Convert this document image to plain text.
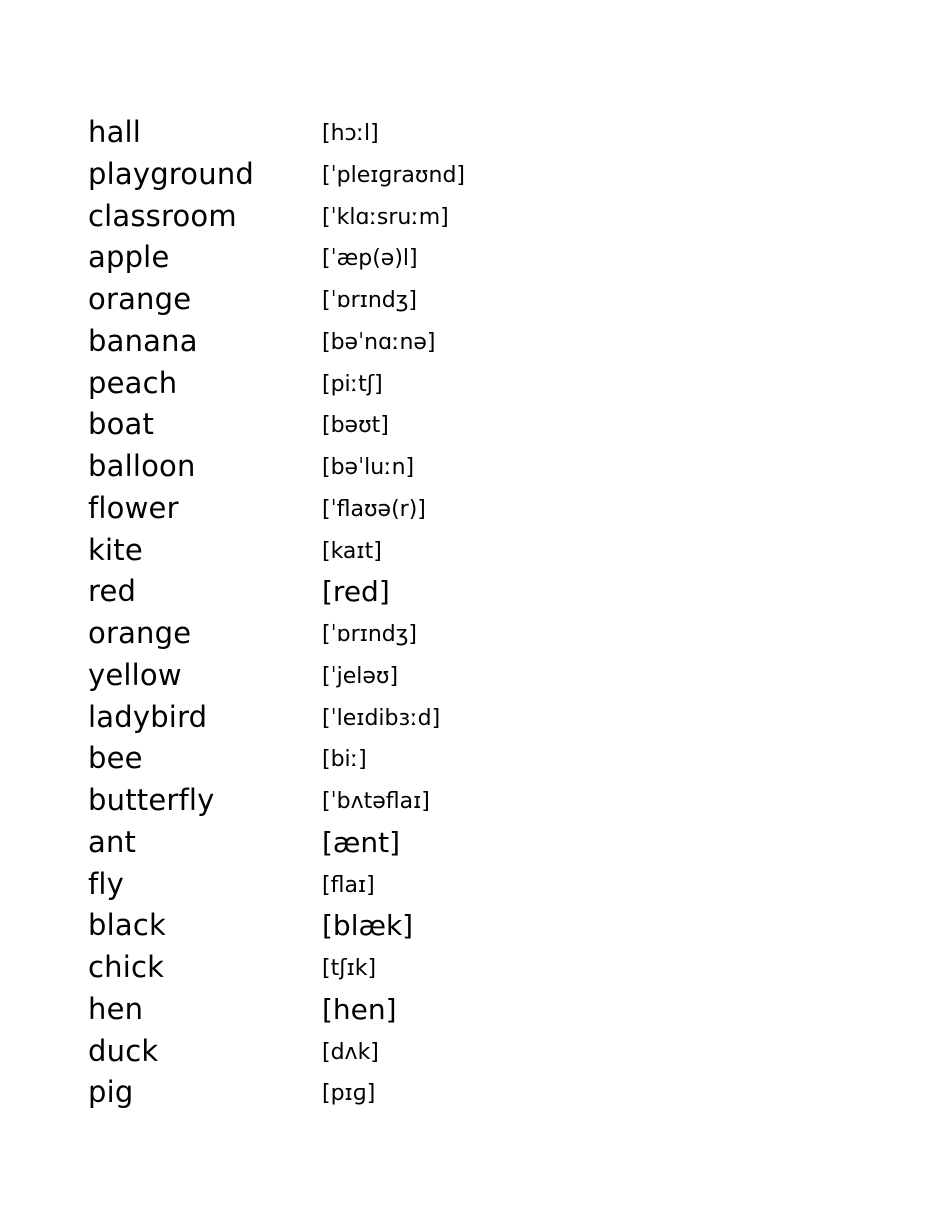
hall	[hɔːl]
playground	[ˈpleɪɡraʊnd]
classroom	[ˈklɑːsruːm]
apple	[ˈæp(ə)l]
orange	[ˈɒrɪndʒ]
banana	[bəˈnɑːnə]
peach	[piːtʃ]
boat	[bəʊt]
balloon	[bəˈluːn]
flower	[ˈflaʊə(r)]
kite	[kaɪt]
red	[red]
orange	[ˈɒrɪndʒ]
yellow	[ˈjeləʊ]
ladybird	[ˈleɪdibɜːd]
bee	[biː]
butterfly	[ˈbʌtəflaɪ]
ant	[ænt]
fly	[flaɪ]
black	[blæk]
chick	[tʃɪk]
hen	[hen]
duck	[dʌk]
pig	[pɪɡ]
